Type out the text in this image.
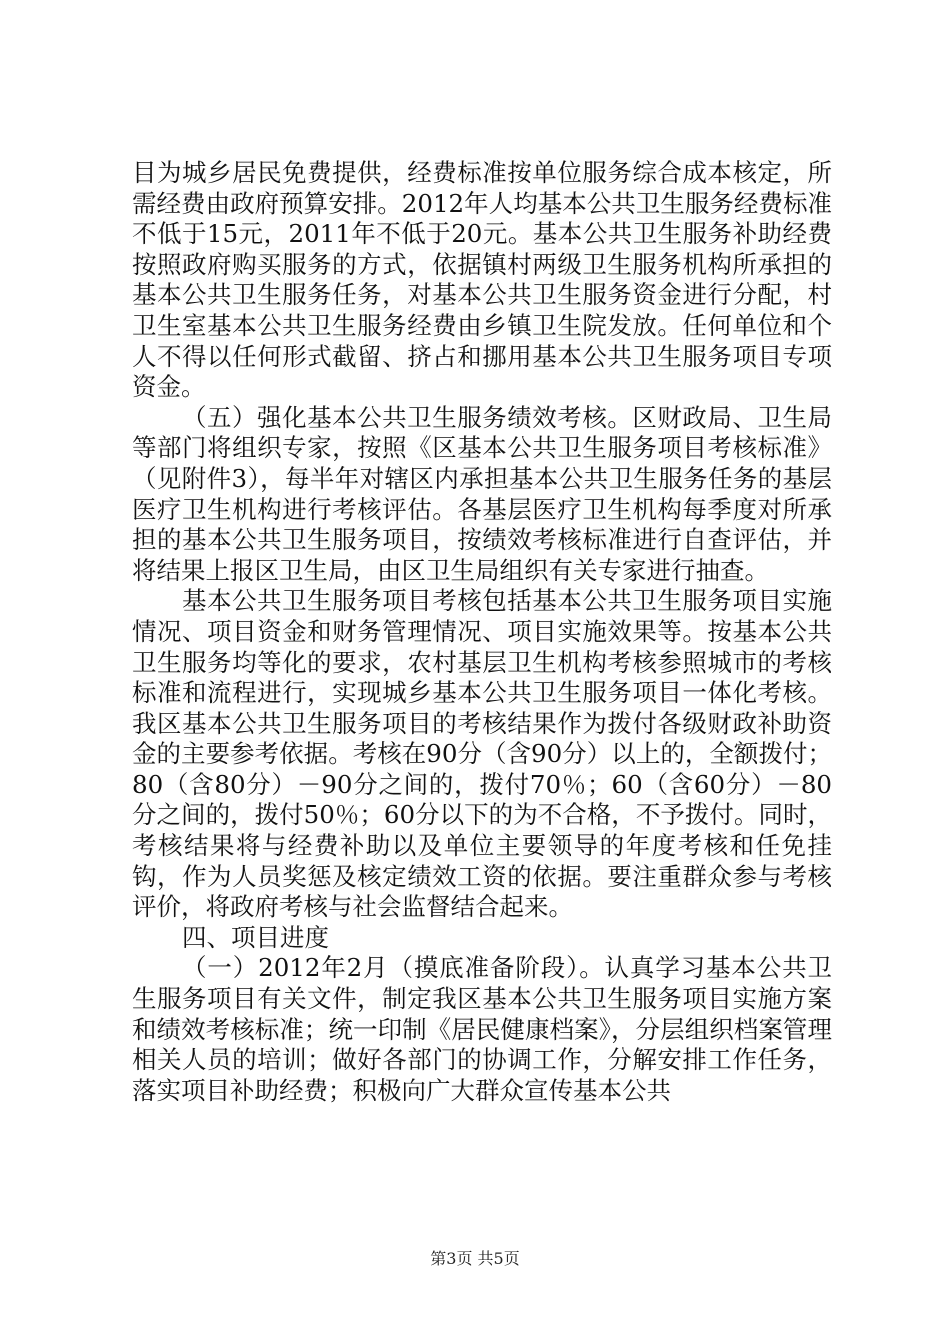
目为城乡居民免费提供，经费标准按单位服务综合成本核定，所需经费由政府预算安排。2012年人均基本公共卫生服务经费标准不低于15元，2011年不低于20元。基本公共卫生服务补助经费按照政府购买服务的方式，依据镇村两级卫生服务机构所承担的基本公共卫生服务任务，对基本公共卫生服务资金进行分配，村卫生室基本公共卫生服务经费由乡镇卫生院发放。任何单位和个人不得以任何形式截留、挤占和挪用基本公共卫生服务项目专项资金。

（五）强化基本公共卫生服务绩效考核。区财政局、卫生局等部门将组织专家，按照《区基本公共卫生服务项目考核标准》（见附件3），每半年对辖区内承担基本公共卫生服务任务的基层医疗卫生机构进行考核评估。各基层医疗卫生机构每季度对所承担的基本公共卫生服务项目，按绩效考核标准进行自查评估，并将结果上报区卫生局，由区卫生局组织有关专家进行抽查。

基本公共卫生服务项目考核包括基本公共卫生服务项目实施情况、项目资金和财务管理情况、项目实施效果等。按基本公共卫生服务均等化的要求，农村基层卫生机构考核参照城市的考核标准和流程进行，实现城乡基本公共卫生服务项目一体化考核。我区基本公共卫生服务项目的考核结果作为拨付各级财政补助资金的主要参考依据。考核在90分（含90分）以上的，全额拨付；80（含80分）－90分之间的，拨付70％；60（含60分）－80分之间的，拨付50％；60分以下的为不合格，不予拨付。同时，考核结果将与经费补助以及单位主要领导的年度考核和任免挂钩，作为人员奖惩及核定绩效工资的依据。要注重群众参与考核评价，将政府考核与社会监督结合起来。

四、项目进度

（一）2012年2月（摸底准备阶段）。认真学习基本公共卫生服务项目有关文件，制定我区基本公共卫生服务项目实施方案和绩效考核标准；统一印制《居民健康档案》，分层组织档案管理相关人员的培训；做好各部门的协调工作，分解安排工作任务，落实项目补助经费；积极向广大群众宣传基本公共

第3页 共5页
